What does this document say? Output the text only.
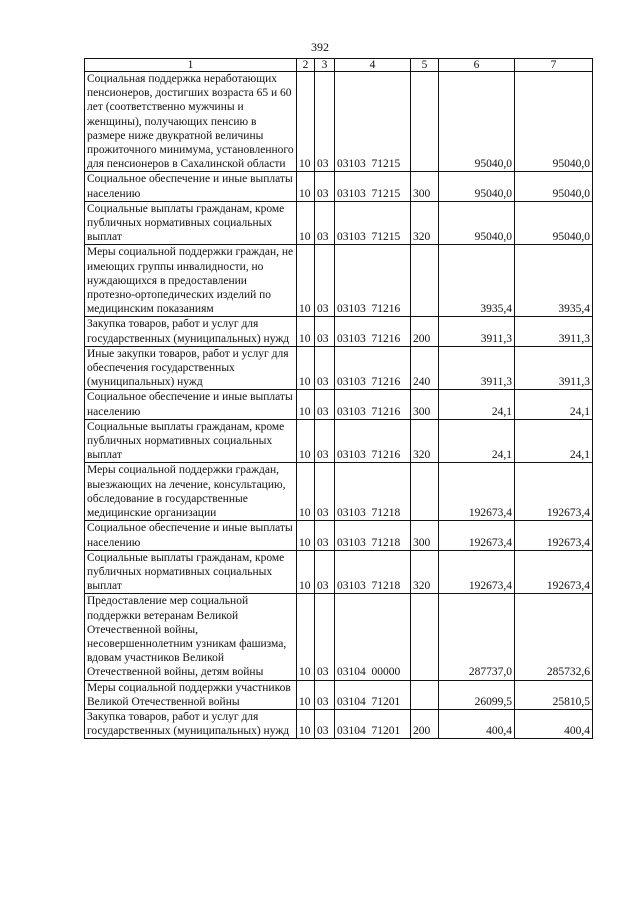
392
1	2	3	4	5	6	7
Социальная поддержка неработающих пенсионеров, достигших возраста 65 и 60 лет (соответственно мужчины и женщины), получающих пенсию в размере ниже двукратной величины прожиточного минимума, установленного для пенсионеров в Сахалинской области	10	03	03103  71215		95040,0	95040,0
Социальное обеспечение и иные выплаты населению	10	03	03103  71215	300	95040,0	95040,0
Социальные выплаты гражданам, кроме публичных нормативных социальных выплат	10	03	03103  71215	320	95040,0	95040,0
Меры социальной поддержки граждан, не имеющих группы инвалидности, но нуждающихся в предоставлении протезно-ортопедических изделий по медицинским показаниям	10	03	03103  71216		3935,4	3935,4
Закупка товаров, работ и услуг для государственных (муниципальных) нужд	10	03	03103  71216	200	3911,3	3911,3
Иные закупки товаров, работ и услуг для обеспечения государственных (муниципальных) нужд	10	03	03103  71216	240	3911,3	3911,3
Социальное обеспечение и иные выплаты населению	10	03	03103  71216	300	24,1	24,1
Социальные выплаты гражданам, кроме публичных нормативных социальных выплат	10	03	03103  71216	320	24,1	24,1
Меры социальной поддержки граждан, выезжающих на лечение, консультацию, обследование в государственные медицинские организации	10	03	03103  71218		192673,4	192673,4
Социальное обеспечение и иные выплаты населению	10	03	03103  71218	300	192673,4	192673,4
Социальные выплаты гражданам, кроме публичных нормативных социальных выплат	10	03	03103  71218	320	192673,4	192673,4
Предоставление мер социальной поддержки ветеранам Великой Отечественной войны, несовершеннолетним узникам фашизма, вдовам участников Великой Отечественной войны, детям войны	10	03	03104  00000		287737,0	285732,6
Меры социальной поддержки участников Великой Отечественной войны	10	03	03104  71201		26099,5	25810,5
Закупка товаров, работ и услуг для государственных (муниципальных) нужд	10	03	03104  71201	200	400,4	400,4
